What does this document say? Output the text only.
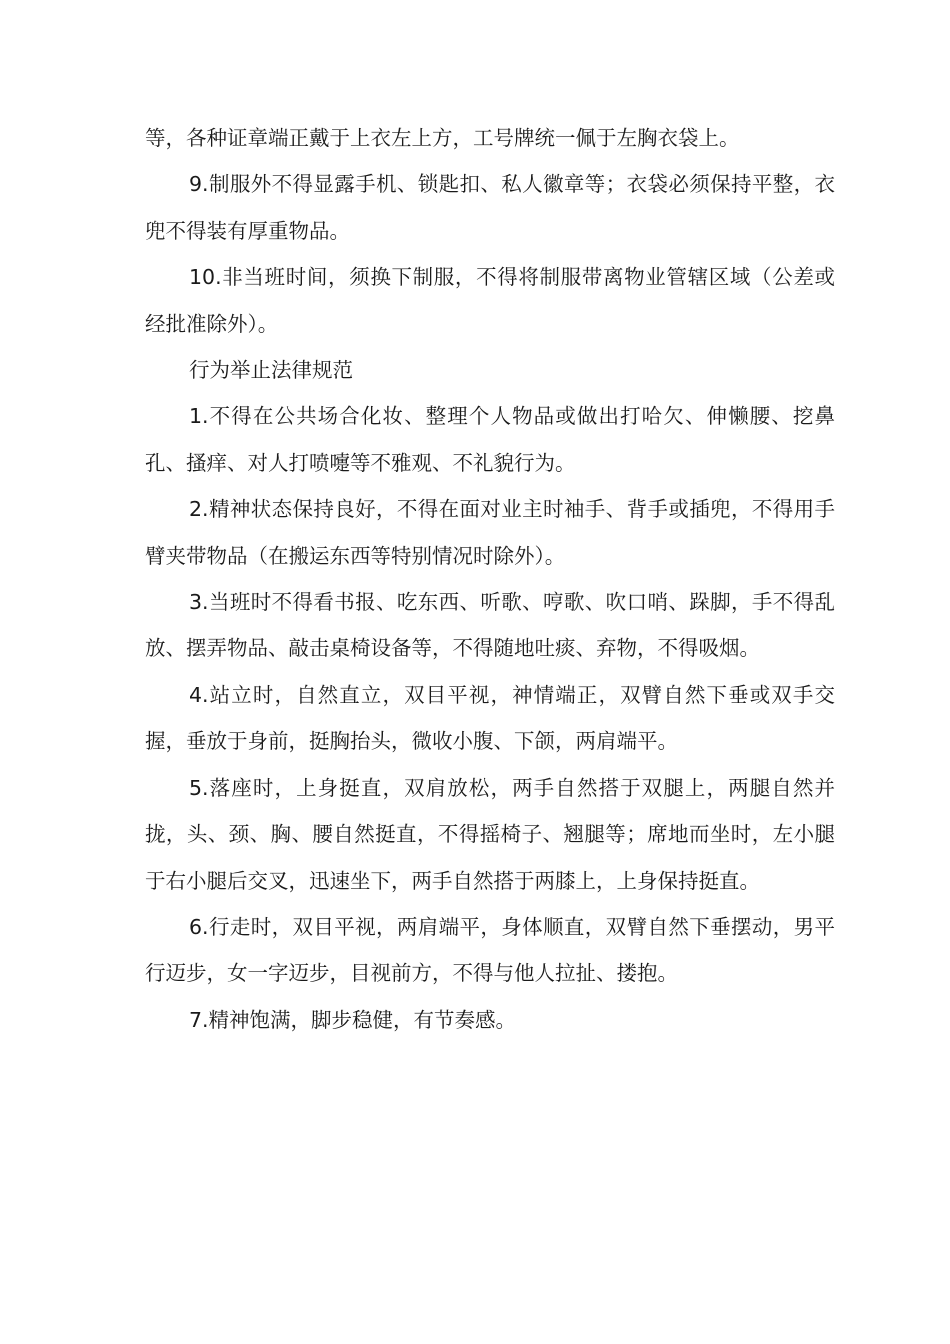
等，各种证章端正戴于上衣左上方，工号牌统一佩于左胸衣袋上。

9.制服外不得显露手机、锁匙扣、私人徽章等；衣袋必须保持平整，衣兜不得装有厚重物品。

10.非当班时间，须换下制服，不得将制服带离物业管辖区域（公差或经批准除外）。

行为举止法律规范

1.不得在公共场合化妆、整理个人物品或做出打哈欠、伸懒腰、挖鼻孔、搔痒、对人打喷嚏等不雅观、不礼貌行为。

2.精神状态保持良好，不得在面对业主时袖手、背手或插兜，不得用手臂夹带物品（在搬运东西等特别情况时除外）。

3.当班时不得看书报、吃东西、听歌、哼歌、吹口哨、跺脚，手不得乱放、摆弄物品、敲击桌椅设备等，不得随地吐痰、弃物，不得吸烟。

4.站立时，自然直立，双目平视，神情端正，双臂自然下垂或双手交握，垂放于身前，挺胸抬头，微收小腹、下颌，两肩端平。

5.落座时，上身挺直，双肩放松，两手自然搭于双腿上，两腿自然并拢，头、颈、胸、腰自然挺直，不得摇椅子、翘腿等；席地而坐时，左小腿于右小腿后交叉，迅速坐下，两手自然搭于两膝上，上身保持挺直。

6.行走时，双目平视，两肩端平，身体顺直，双臂自然下垂摆动，男平行迈步，女一字迈步，目视前方，不得与他人拉扯、搂抱。

7.精神饱满，脚步稳健，有节奏感。
